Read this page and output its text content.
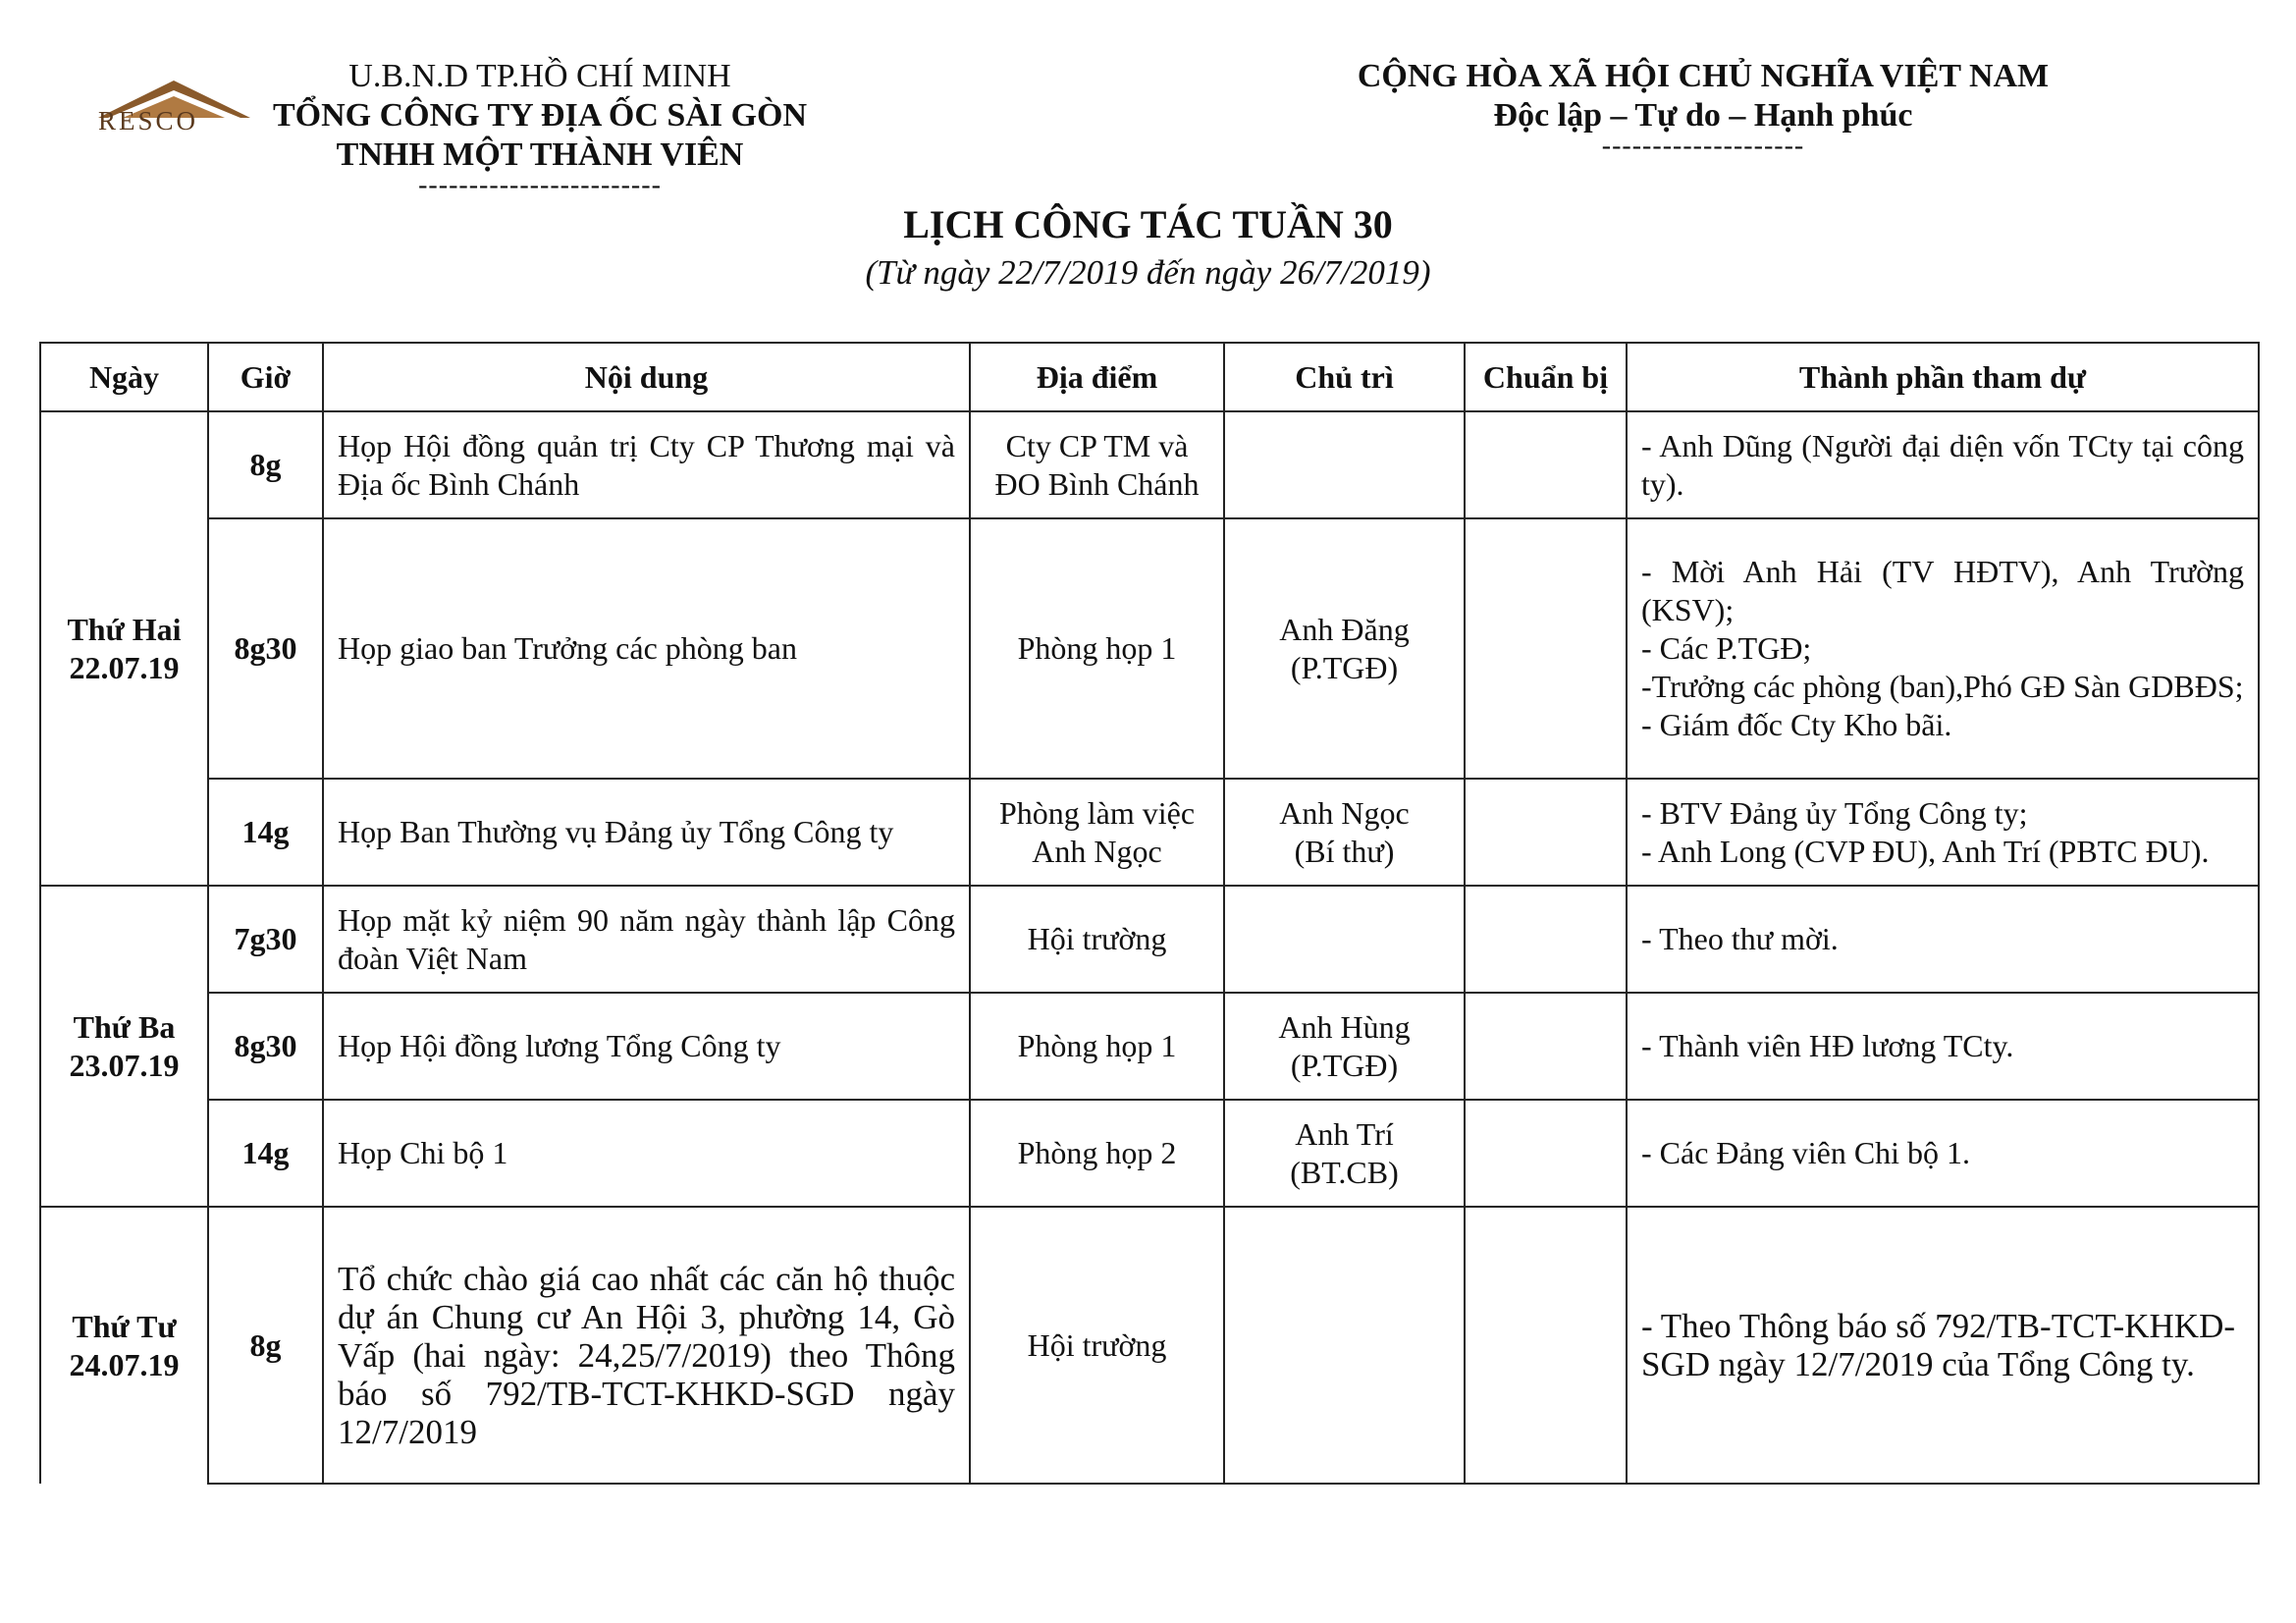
RESCO
U.B.N.D TP.HỒ CHÍ MINH
TỔNG CÔNG TY ĐỊA ỐC SÀI GÒN
TNHH MỘT THÀNH VIÊN
------------------------
CỘNG HÒA XÃ HỘI CHỦ NGHĨA VIỆT NAM
Độc lập – Tự do – Hạnh phúc
--------------------
LỊCH CÔNG TÁC TUẦN 30
(Từ ngày 22/7/2019 đến ngày 26/7/2019)
Ngày	Giờ	Nội dung	Địa điểm	Chủ trì	Chuẩn bị	Thành phần tham dự

Thứ Hai
22.07.19	8g	Họp Hội đồng quản trị Cty CP Thương mại và Địa ốc Bình Chánh	Cty CP TM và
ĐO Bình Chánh			- Anh Dũng (Người đại diện vốn TCty tại công ty).

	8g30	Họp giao ban Trưởng các phòng ban	Phòng họp 1	Anh Đăng
(P.TGĐ)		- Mời Anh Hải (TV HĐTV), Anh Trường (KSV);
- Các P.TGĐ;
-Trưởng các phòng (ban),Phó GĐ Sàn GDBĐS;
- Giám đốc Cty Kho bãi.

	14g	Họp Ban Thường vụ Đảng ủy Tổng Công ty	Phòng làm việc
Anh Ngọc	Anh Ngọc
(Bí thư)		- BTV Đảng ủy Tổng Công ty;
- Anh Long (CVP ĐU), Anh Trí (PBTC ĐU).

Thứ Ba
23.07.19	7g30	Họp mặt kỷ niệm 90 năm ngày thành lập Công đoàn Việt Nam	Hội trường			- Theo thư mời.

	8g30	Họp Hội đồng lương Tổng Công ty	Phòng họp 1	Anh Hùng
(P.TGĐ)		- Thành viên HĐ lương TCty.

	14g	Họp Chi bộ 1	Phòng họp 2	Anh Trí
(BT.CB)		- Các Đảng viên Chi bộ 1.

Thứ Tư
24.07.19	8g	Tổ chức chào giá cao nhất các căn hộ thuộc dự án Chung cư An Hội 3, phường 14, Gò Vấp (hai ngày: 24,25/7/2019) theo Thông báo số 792/TB-TCT-KHKD-SGD ngày 12/7/2019	Hội trường			- Theo Thông báo số 792/TB-TCT-KHKD-SGD ngày 12/7/2019 của Tổng Công ty.
